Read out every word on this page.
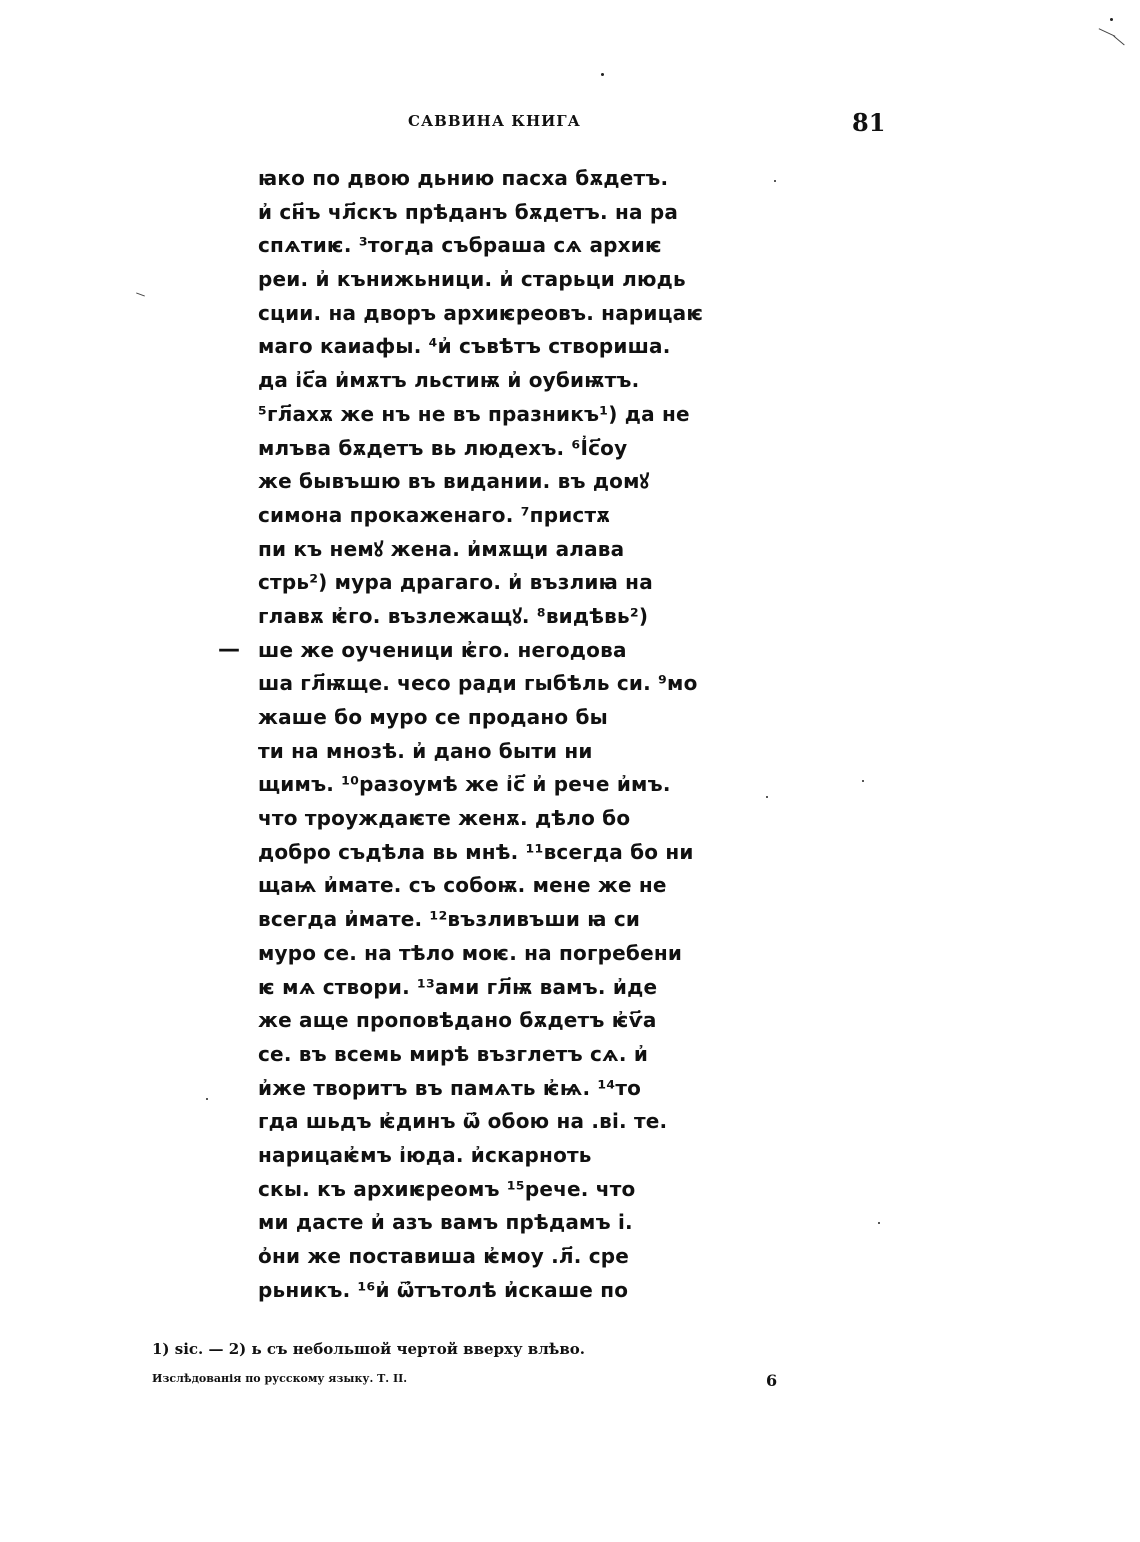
САВВИНА КНИГА	81
ꙗко по двою дьнию пасха бѫдетъ.
и҆ сн҃ъ чл҃скъ прѣданъ бѫдетъ. на ра
спѧтиѥ. ³тогда събраша сѧ архиѥ
реи. и҆ кънижьници. и҆ старьци людь
сции. на дворъ архиѥреовъ. нарицаѥ
маго каиафы. ⁴и҆ съвѣтъ створиша.
да і҆с҃а и҆мѫтъ льстиѭ и҆ оубиѭтъ.
⁵гл҃ахѫ же нъ не въ празникъ¹) да не
млъва бѫдетъ вь людехъ. ⁶І҆с҃оу
же бывъшю въ видании. въ домꙋ
симона прокаженаго. ⁷пристѫ
пи къ немꙋ жена. и҆мѫщи алава
стрь²) мура драгаго. и҆ възлиꙗ на
главѫ ѥ҆го. възлежащꙋ. ⁸видѣвь²)
ше же оученици ѥ҆го. негодова
ша гл҃ѭще. чесо ради гыбѣль си. ⁹мо
жаше бо муро се продано бы
ти на мнозѣ. и҆ дано быти ни
щимъ. ¹⁰разоумѣ же і҆с҃ и҆ рече и҆мъ.
что троуждаѥте женѫ. дѣло бо
добро съдѣла вь мнѣ. ¹¹всегда бо ни
щаѩ и҆мате. съ собоѭ. мене же не
всегда и҆мате. ¹²възливъши ꙗ си
муро се. на тѣло моѥ. на погребени
ѥ мѧ створи. ¹³ами гл҃ѭ вамъ. и҆де
же аще проповѣдано бѫдетъ ѥ҆ѵ҃а
се. въ всемь мирѣ възглетъ сѧ. и҆
и҆же творитъ въ памѧть ѥ҆ѩ. ¹⁴то
гда шьдъ ѥ҆динъ ѿ҆ обою на .ві. те.
нарицаѥ҆мъ і҆юда. и҆скарноть
скы. къ архиѥреомъ ¹⁵рече. что
ми дасте и҆ азъ вамъ прѣдамъ і.
о҆ни же поставиша ѥ҆моу .л҃. сре
рьникъ. ¹⁶и҆ ѿ҆тътолѣ и҆скаше по
—
1) sic. — 2) ь съ небольшой чертой вверху влѣво.
Изслѣдованія по русскому языку. Т. II.	6
